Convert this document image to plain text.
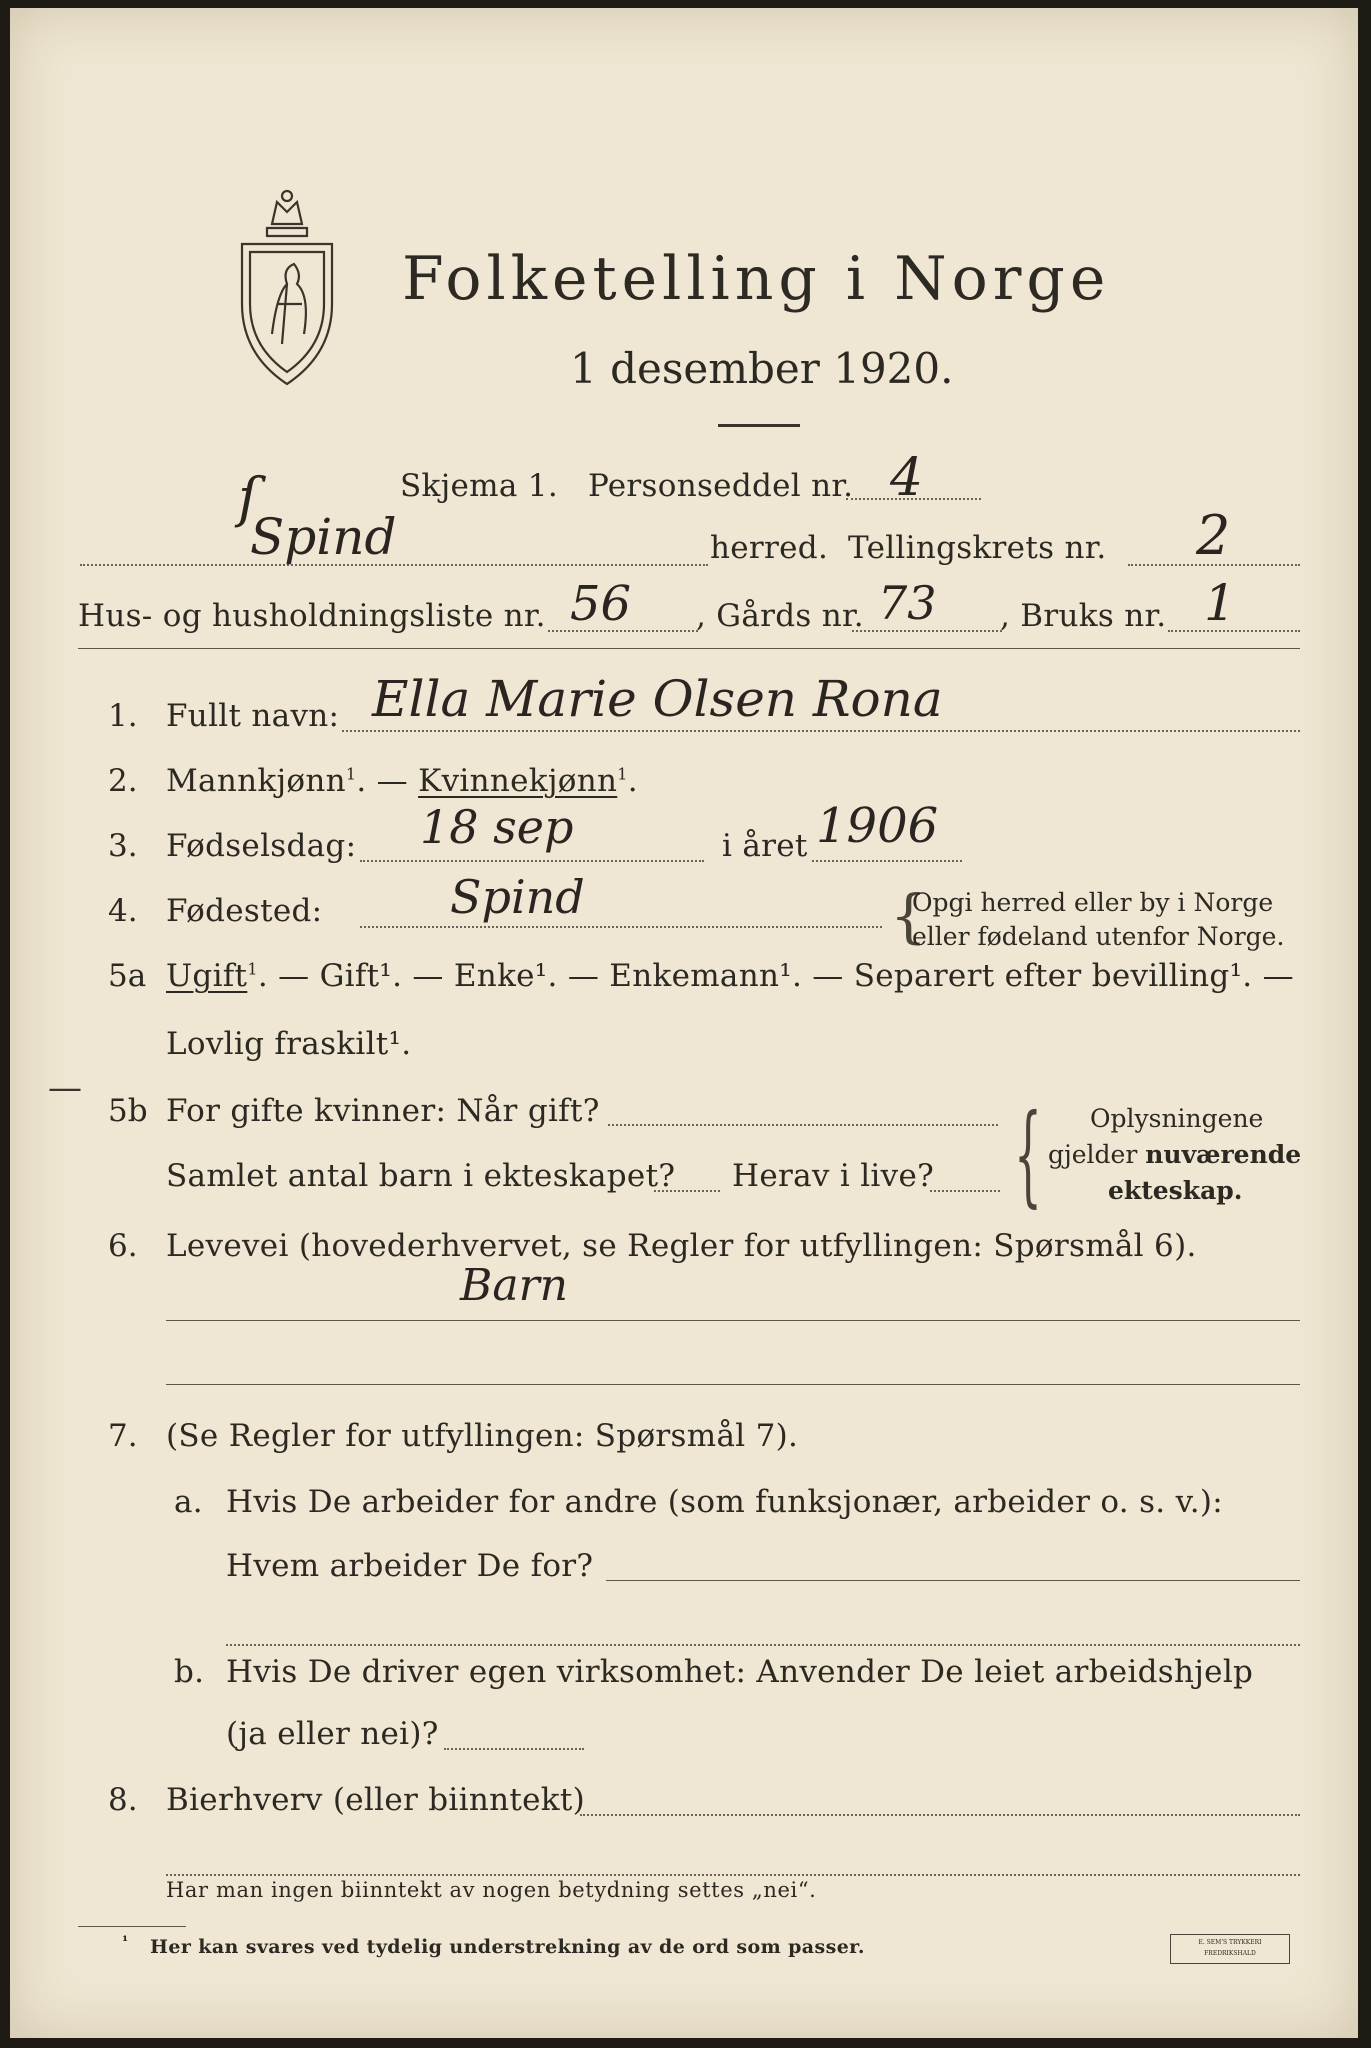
Folketelling i Norge
1 desember 1920.
ſ	Skjema 1. Personseddel nr. 4
Spind	herred. Tellingskrets nr. 2
Hus- og husholdningsliste nr. 56 , Gårds nr. 73 , Bruks nr. 1
1. Fullt navn: Ella Marie Olsen Rona
2. Mannkjønn$^1$. — Kvinnekjønn$^1$.
3. Fødselsdag: 18 sep	i året 1906
4. Fødested:	Spind	{
Opgi herred eller by i Norge
eller fødeland utenfor Norge.
5a Ugift$^1$. — Gift¹. — Enke¹. — Enkemann¹. — Separert efter bevilling¹. —
Lovlig fraskilt¹.
—
5b For gifte kvinner: Når gift?
Samlet antal barn i ekteskapet? Herav i live? { Oplysningene
gjelder nuværende
ekteskap.
6. Levevei (hovederhvervet, se Regler for utfyllingen: Spørsmål 6).
Barn
7. (Se Regler for utfyllingen: Spørsmål 7).
a. Hvis De arbeider for andre (som funksjonær, arbeider o. s. v.):
Hvem arbeider De for?
b. Hvis De driver egen virksomhet: Anvender De leiet arbeidshjelp
(ja eller nei)?
8. Bierhverv (eller biinntekt)
Har man ingen biinntekt av nogen betydning settes „nei“.
¹ Her kan svares ved tydelig understrekning av de ord som passer.	E. SEM'S TRYKKERI
FREDRIKSHALD
